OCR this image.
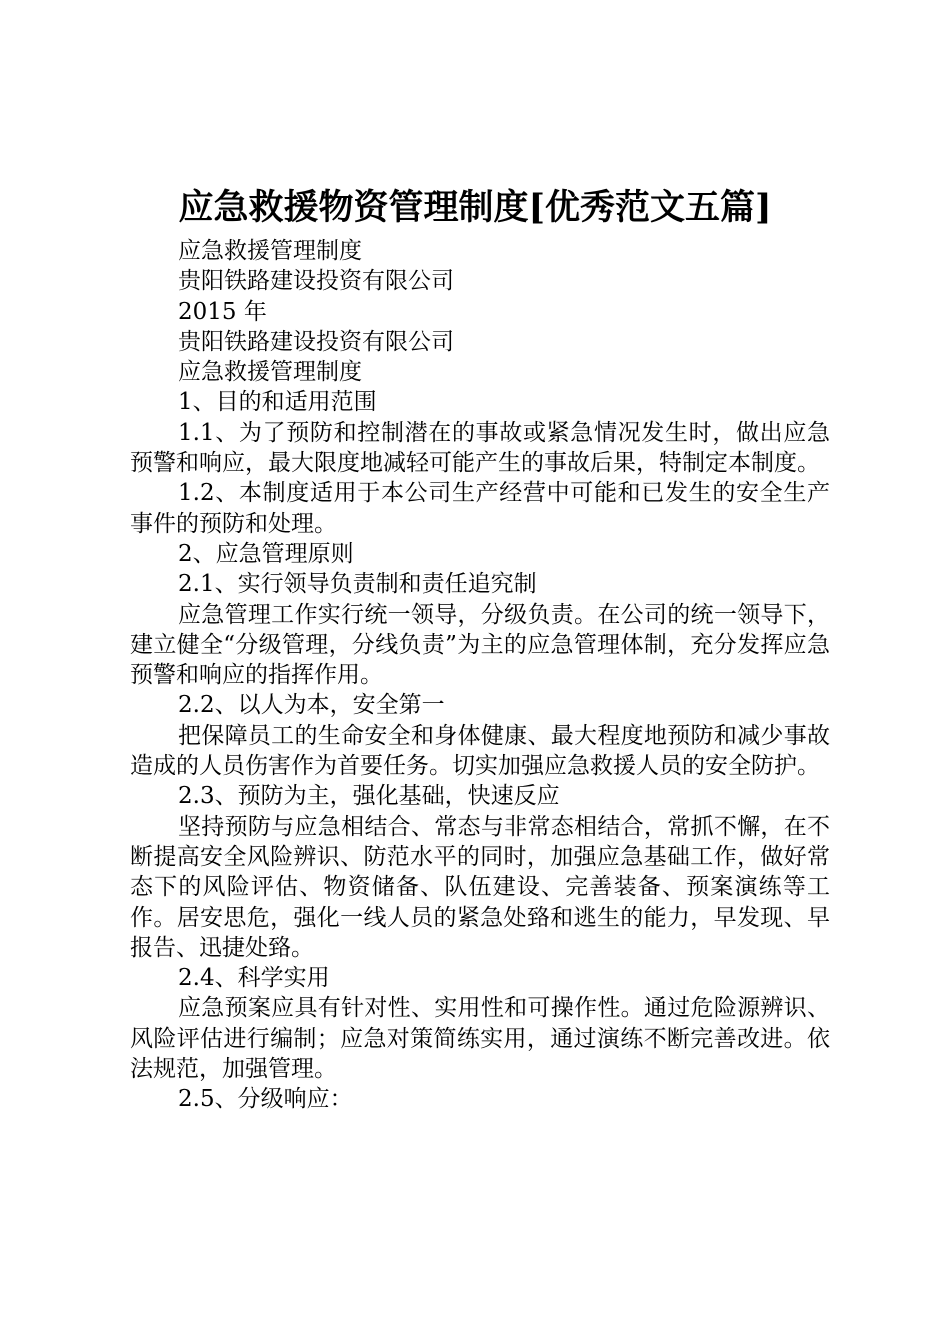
应急救援物资管理制度[优秀范文五篇]
应急救援管理制度
贵阳铁路建设投资有限公司
2015 年
贵阳铁路建设投资有限公司
应急救援管理制度
1、目的和适用范围
1.1、为了预防和控制潜在的事故或紧急情况发生时，做出应急预警和响应，最大限度地减轻可能产生的事故后果，特制定本制度。
1.2、本制度适用于本公司生产经营中可能和已发生的安全生产事件的预防和处理。
2、应急管理原则
2.1、实行领导负责制和责任追究制
应急管理工作实行统一领导，分级负责。在公司的统一领导下，建立健全“分级管理，分线负责”为主的应急管理体制，充分发挥应急预警和响应的指挥作用。
2.2、以人为本，安全第一
把保障员工的生命安全和身体健康、最大程度地预防和减少事故造成的人员伤害作为首要任务。切实加强应急救援人员的安全防护。
2.3、预防为主，强化基础，快速反应
坚持预防与应急相结合、常态与非常态相结合，常抓不懈，在不断提高安全风险辨识、防范水平的同时，加强应急基础工作，做好常态下的风险评估、物资储备、队伍建设、完善装备、预案演练等工作。居安思危，强化一线人员的紧急处臵和逃生的能力，早发现、早报告、迅捷处臵。
2.4、科学实用
应急预案应具有针对性、实用性和可操作性。通过危险源辨识、风险评估进行编制；应急对策简练实用，通过演练不断完善改进。依法规范，加强管理。
2.5、分级响应：
